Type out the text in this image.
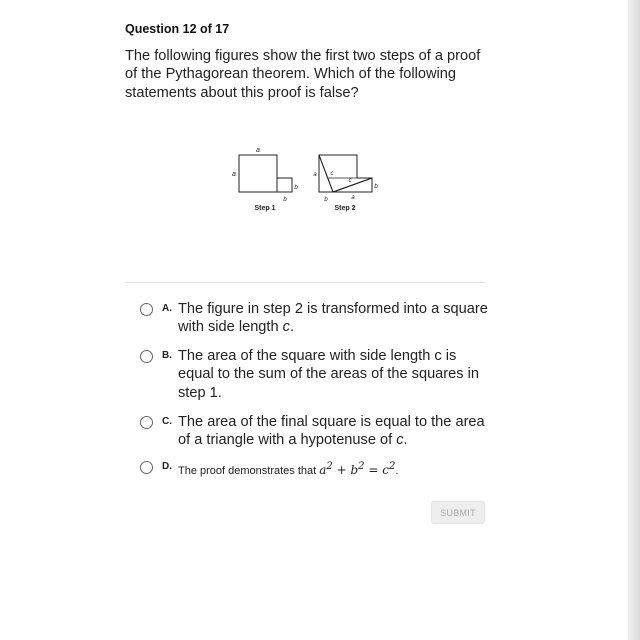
Question 12 of 17
The following figures show the first two steps of a proof of the Pythagorean theorem. Which of the following statements about this proof is false?
a
a
b
b
Step 1
a c
c
b
b	a
Step 2
A. The figure in step 2 is transformed into a square with side length c.
B. The area of the square with side length c is equal to the sum of the areas of the squares in step 1.
C. The area of the final square is equal to the area of a triangle with a hypotenuse of c.
D. The proof demonstrates that $a^2 + b^2 = c^2$.
SUBMIT
